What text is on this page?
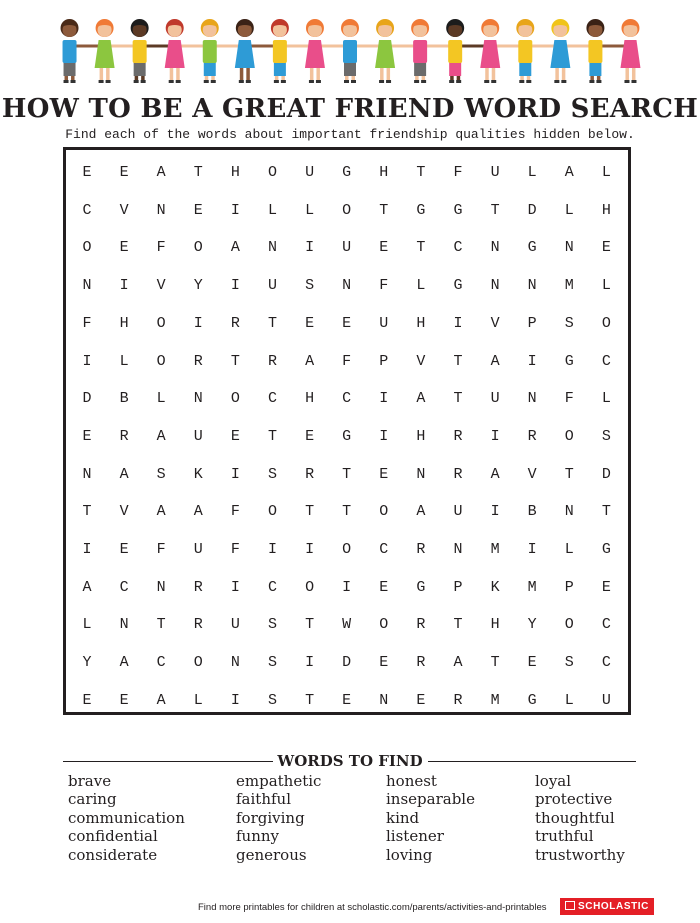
HOW TO BE A GREAT FRIEND WORD SEARCH
Find each of the words about important friendship qualities hidden below.
E	E	A	T	H	O	U	G	H	T	F	U	L	A	L
C	V	N	E	I	L	L	O	T	G	G	T	D	L	H
O	E	F	O	A	N	I	U	E	T	C	N	G	N	E
N	I	V	Y	I	U	S	N	F	L	G	N	N	M	L
F	H	O	I	R	T	E	E	U	H	I	V	P	S	O
I	L	O	R	T	R	A	F	P	V	T	A	I	G	C
D	B	L	N	O	C	H	C	I	A	T	U	N	F	L
E	R	A	U	E	T	E	G	I	H	R	I	R	O	S
N	A	S	K	I	S	R	T	E	N	R	A	V	T	D
T	V	A	A	F	O	T	T	O	A	U	I	B	N	T
I	E	F	U	F	I	I	O	C	R	N	M	I	L	G
A	C	N	R	I	C	O	I	E	G	P	K	M	P	E
L	N	T	R	U	S	T	W	O	R	T	H	Y	O	C
Y	A	C	O	N	S	I	D	E	R	A	T	E	S	C
E	E	A	L	I	S	T	E	N	E	R	M	G	L	U
WORDS TO FIND
brave
caring
communication
confidential
considerate
empathetic
faithful
forgiving
funny
generous
honest
inseparable
kind
listener
loving
loyal
protective
thoughtful
truthful
trustworthy
Find more printables for children at scholastic.com/parents/activities-and-printables	SCHOLASTIC
